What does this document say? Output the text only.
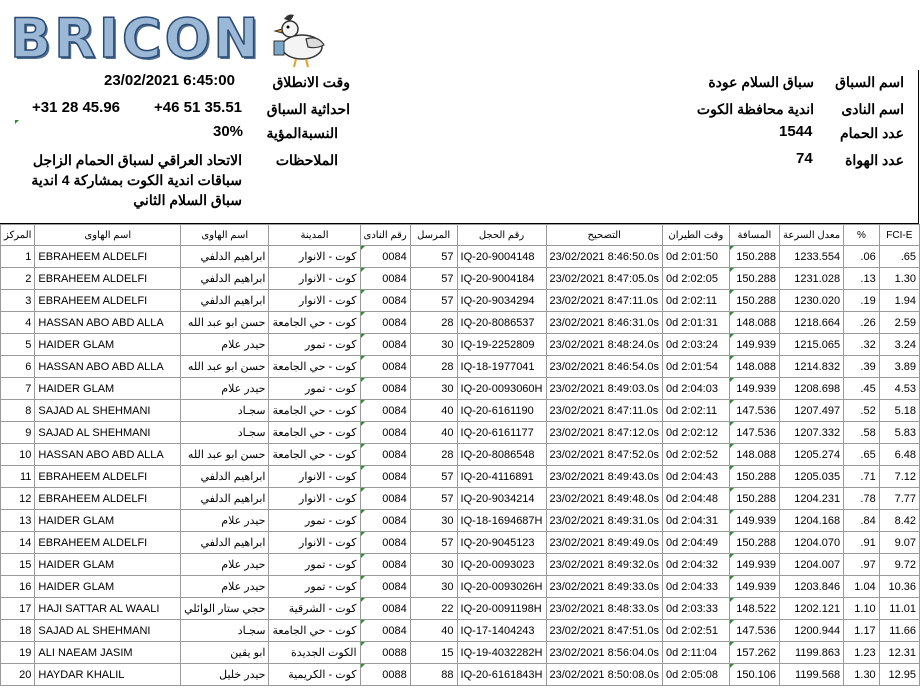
BRICON
اسم السباق
سباق السلام عودة
اسم النادى
اندية محافظة الكوت
عدد الحمام
1544
عدد الهواة
74
وقت الانطلاق
23/02/2021 6:45:00
احداثية السباق
+46 51 35.51
+31 28 45.96
النسبةالمؤية
30%
الملاحظات
الاتحاد العراقي لسباق الحمام الزاجل
سباقات اندية الكوت بمشاركة 4 اندية
سباق السلام الثاني
المركز	اسم الهاوى	اسم الهاوى	المدينة	رقم النادى	المرسل	رقم الحجل	التصحيح	وقت الطيران	المسافة	معدل السرعة	%	FCI-E
1	EBRAHEEM ALDELFI	ابراهيم الدلفي	كوت - الانوار	0084	57	IQ-20-9004148	23/02/2021 8:46:50.0s	0d 2:01:50	150.288	1233.554	.06	.65
2	EBRAHEEM ALDELFI	ابراهيم الدلفي	كوت - الانوار	0084	57	IQ-20-9004184	23/02/2021 8:47:05.0s	0d 2:02:05	150.288	1231.028	.13	1.30
3	EBRAHEEM ALDELFI	ابراهيم الدلفي	كوت - الانوار	0084	57	IQ-20-9034294	23/02/2021 8:47:11.0s	0d 2:02:11	150.288	1230.020	.19	1.94
4	HASSAN ABO ABD ALLA	حسن ابو عبد الله	كوت - حي الجامعة	0084	28	IQ-20-8086537	23/02/2021 8:46:31.0s	0d 2:01:31	148.088	1218.664	.26	2.59
5	HAIDER GLAM	حيدر علام	كوت - تمور	0084	30	IQ-19-2252809	23/02/2021 8:48:24.0s	0d 2:03:24	149.939	1215.065	.32	3.24
6	HASSAN ABO ABD ALLA	حسن ابو عبد الله	كوت - حي الجامعة	0084	28	IQ-18-1977041	23/02/2021 8:46:54.0s	0d 2:01:54	148.088	1214.832	.39	3.89
7	HAIDER GLAM	حيدر علام	كوت - تمور	0084	30	IQ-20-0093060H	23/02/2021 8:49:03.0s	0d 2:04:03	149.939	1208.698	.45	4.53
8	SAJAD AL SHEHMANI	سجـاد	كوت - حي الجامعة	0084	40	IQ-20-6161190	23/02/2021 8:47:11.0s	0d 2:02:11	147.536	1207.497	.52	5.18
9	SAJAD AL SHEHMANI	سجـاد	كوت - حي الجامعة	0084	40	IQ-20-6161177	23/02/2021 8:47:12.0s	0d 2:02:12	147.536	1207.332	.58	5.83
10	HASSAN ABO ABD ALLA	حسن ابو عبد الله	كوت - حي الجامعة	0084	28	IQ-20-8086548	23/02/2021 8:47:52.0s	0d 2:02:52	148.088	1205.274	.65	6.48
11	EBRAHEEM ALDELFI	ابراهيم الدلفي	كوت - الانوار	0084	57	IQ-20-4116891	23/02/2021 8:49:43.0s	0d 2:04:43	150.288	1205.035	.71	7.12
12	EBRAHEEM ALDELFI	ابراهيم الدلفي	كوت - الانوار	0084	57	IQ-20-9034214	23/02/2021 8:49:48.0s	0d 2:04:48	150.288	1204.231	.78	7.77
13	HAIDER GLAM	حيدر علام	كوت - تمور	0084	30	IQ-18-1694687H	23/02/2021 8:49:31.0s	0d 2:04:31	149.939	1204.168	.84	8.42
14	EBRAHEEM ALDELFI	ابراهيم الدلفي	كوت - الانوار	0084	57	IQ-20-9045123	23/02/2021 8:49:49.0s	0d 2:04:49	150.288	1204.070	.91	9.07
15	HAIDER GLAM	حيدر علام	كوت - تمور	0084	30	IQ-20-0093023	23/02/2021 8:49:32.0s	0d 2:04:32	149.939	1204.007	.97	9.72
16	HAIDER GLAM	حيدر علام	كوت - تمور	0084	30	IQ-20-0093026H	23/02/2021 8:49:33.0s	0d 2:04:33	149.939	1203.846	1.04	10.36
17	HAJI SATTAR AL WAALI	حجي ستار الوائلي	كوت - الشرقية	0084	22	IQ-20-0091198H	23/02/2021 8:48:33.0s	0d 2:03:33	148.522	1202.121	1.10	11.01
18	SAJAD AL SHEHMANI	سجـاد	كوت - حي الجامعة	0084	40	IQ-17-1404243	23/02/2021 8:47:51.0s	0d 2:02:51	147.536	1200.944	1.17	11.66
19	ALI NAEAM JASIM	ابو يقين	الكوت الجديدة	0088	15	IQ-19-4032282H	23/02/2021 8:56:04.0s	0d 2:11:04	157.262	1199.863	1.23	12.31
20	HAYDAR KHALIL	حيدر خليل	كوت - الكريمية	0088	88	IQ-20-6161843H	23/02/2021 8:50:08.0s	0d 2:05:08	150.106	1199.568	1.30	12.95
